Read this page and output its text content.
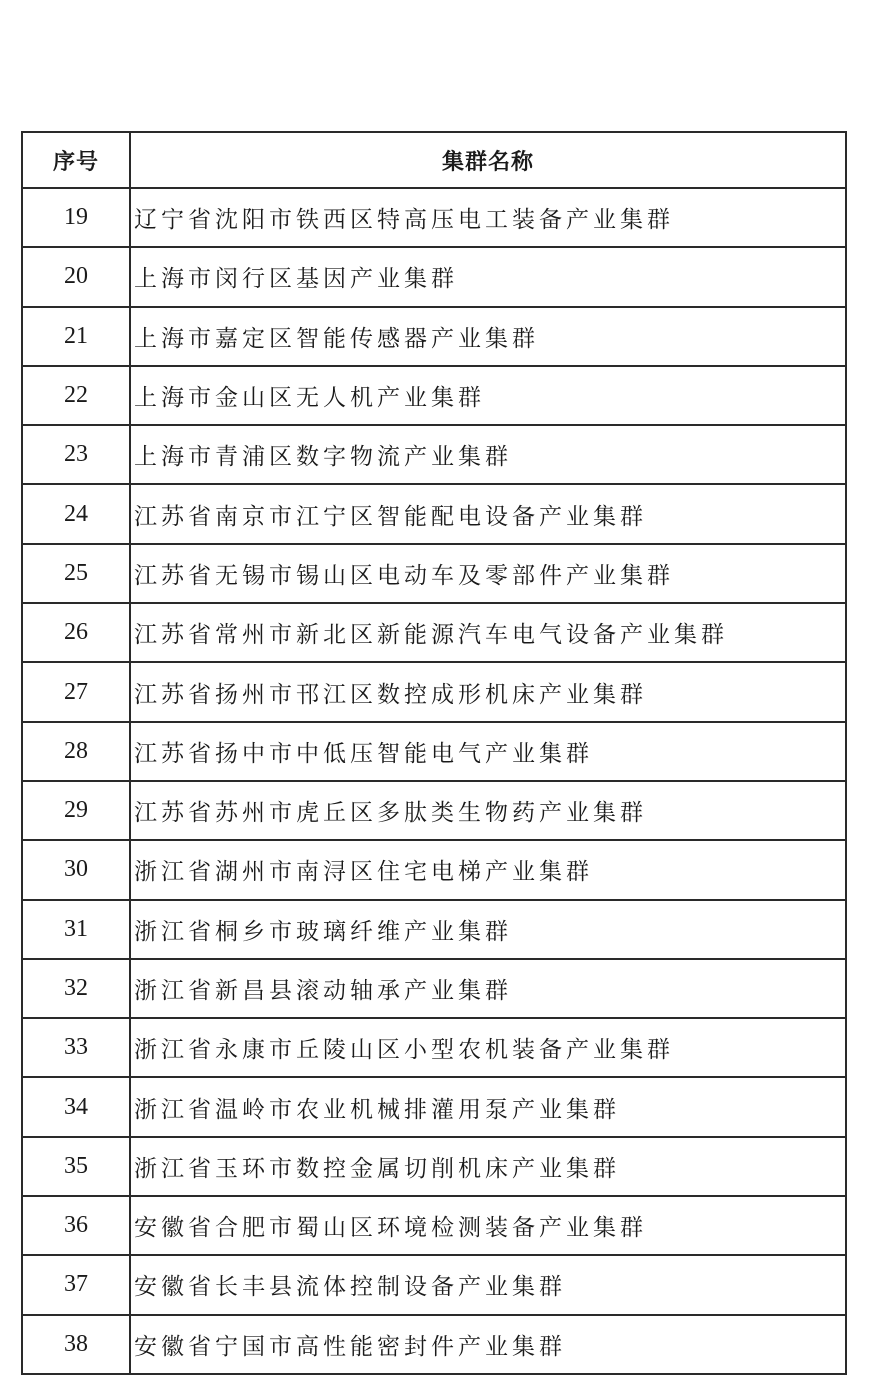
序号	集群名称
19	辽宁省沈阳市铁西区特高压电工装备产业集群
20	上海市闵行区基因产业集群
21	上海市嘉定区智能传感器产业集群
22	上海市金山区无人机产业集群
23	上海市青浦区数字物流产业集群
24	江苏省南京市江宁区智能配电设备产业集群
25	江苏省无锡市锡山区电动车及零部件产业集群
26	江苏省常州市新北区新能源汽车电气设备产业集群
27	江苏省扬州市邗江区数控成形机床产业集群
28	江苏省扬中市中低压智能电气产业集群
29	江苏省苏州市虎丘区多肽类生物药产业集群
30	浙江省湖州市南浔区住宅电梯产业集群
31	浙江省桐乡市玻璃纤维产业集群
32	浙江省新昌县滚动轴承产业集群
33	浙江省永康市丘陵山区小型农机装备产业集群
34	浙江省温岭市农业机械排灌用泵产业集群
35	浙江省玉环市数控金属切削机床产业集群
36	安徽省合肥市蜀山区环境检测装备产业集群
37	安徽省长丰县流体控制设备产业集群
38	安徽省宁国市高性能密封件产业集群
